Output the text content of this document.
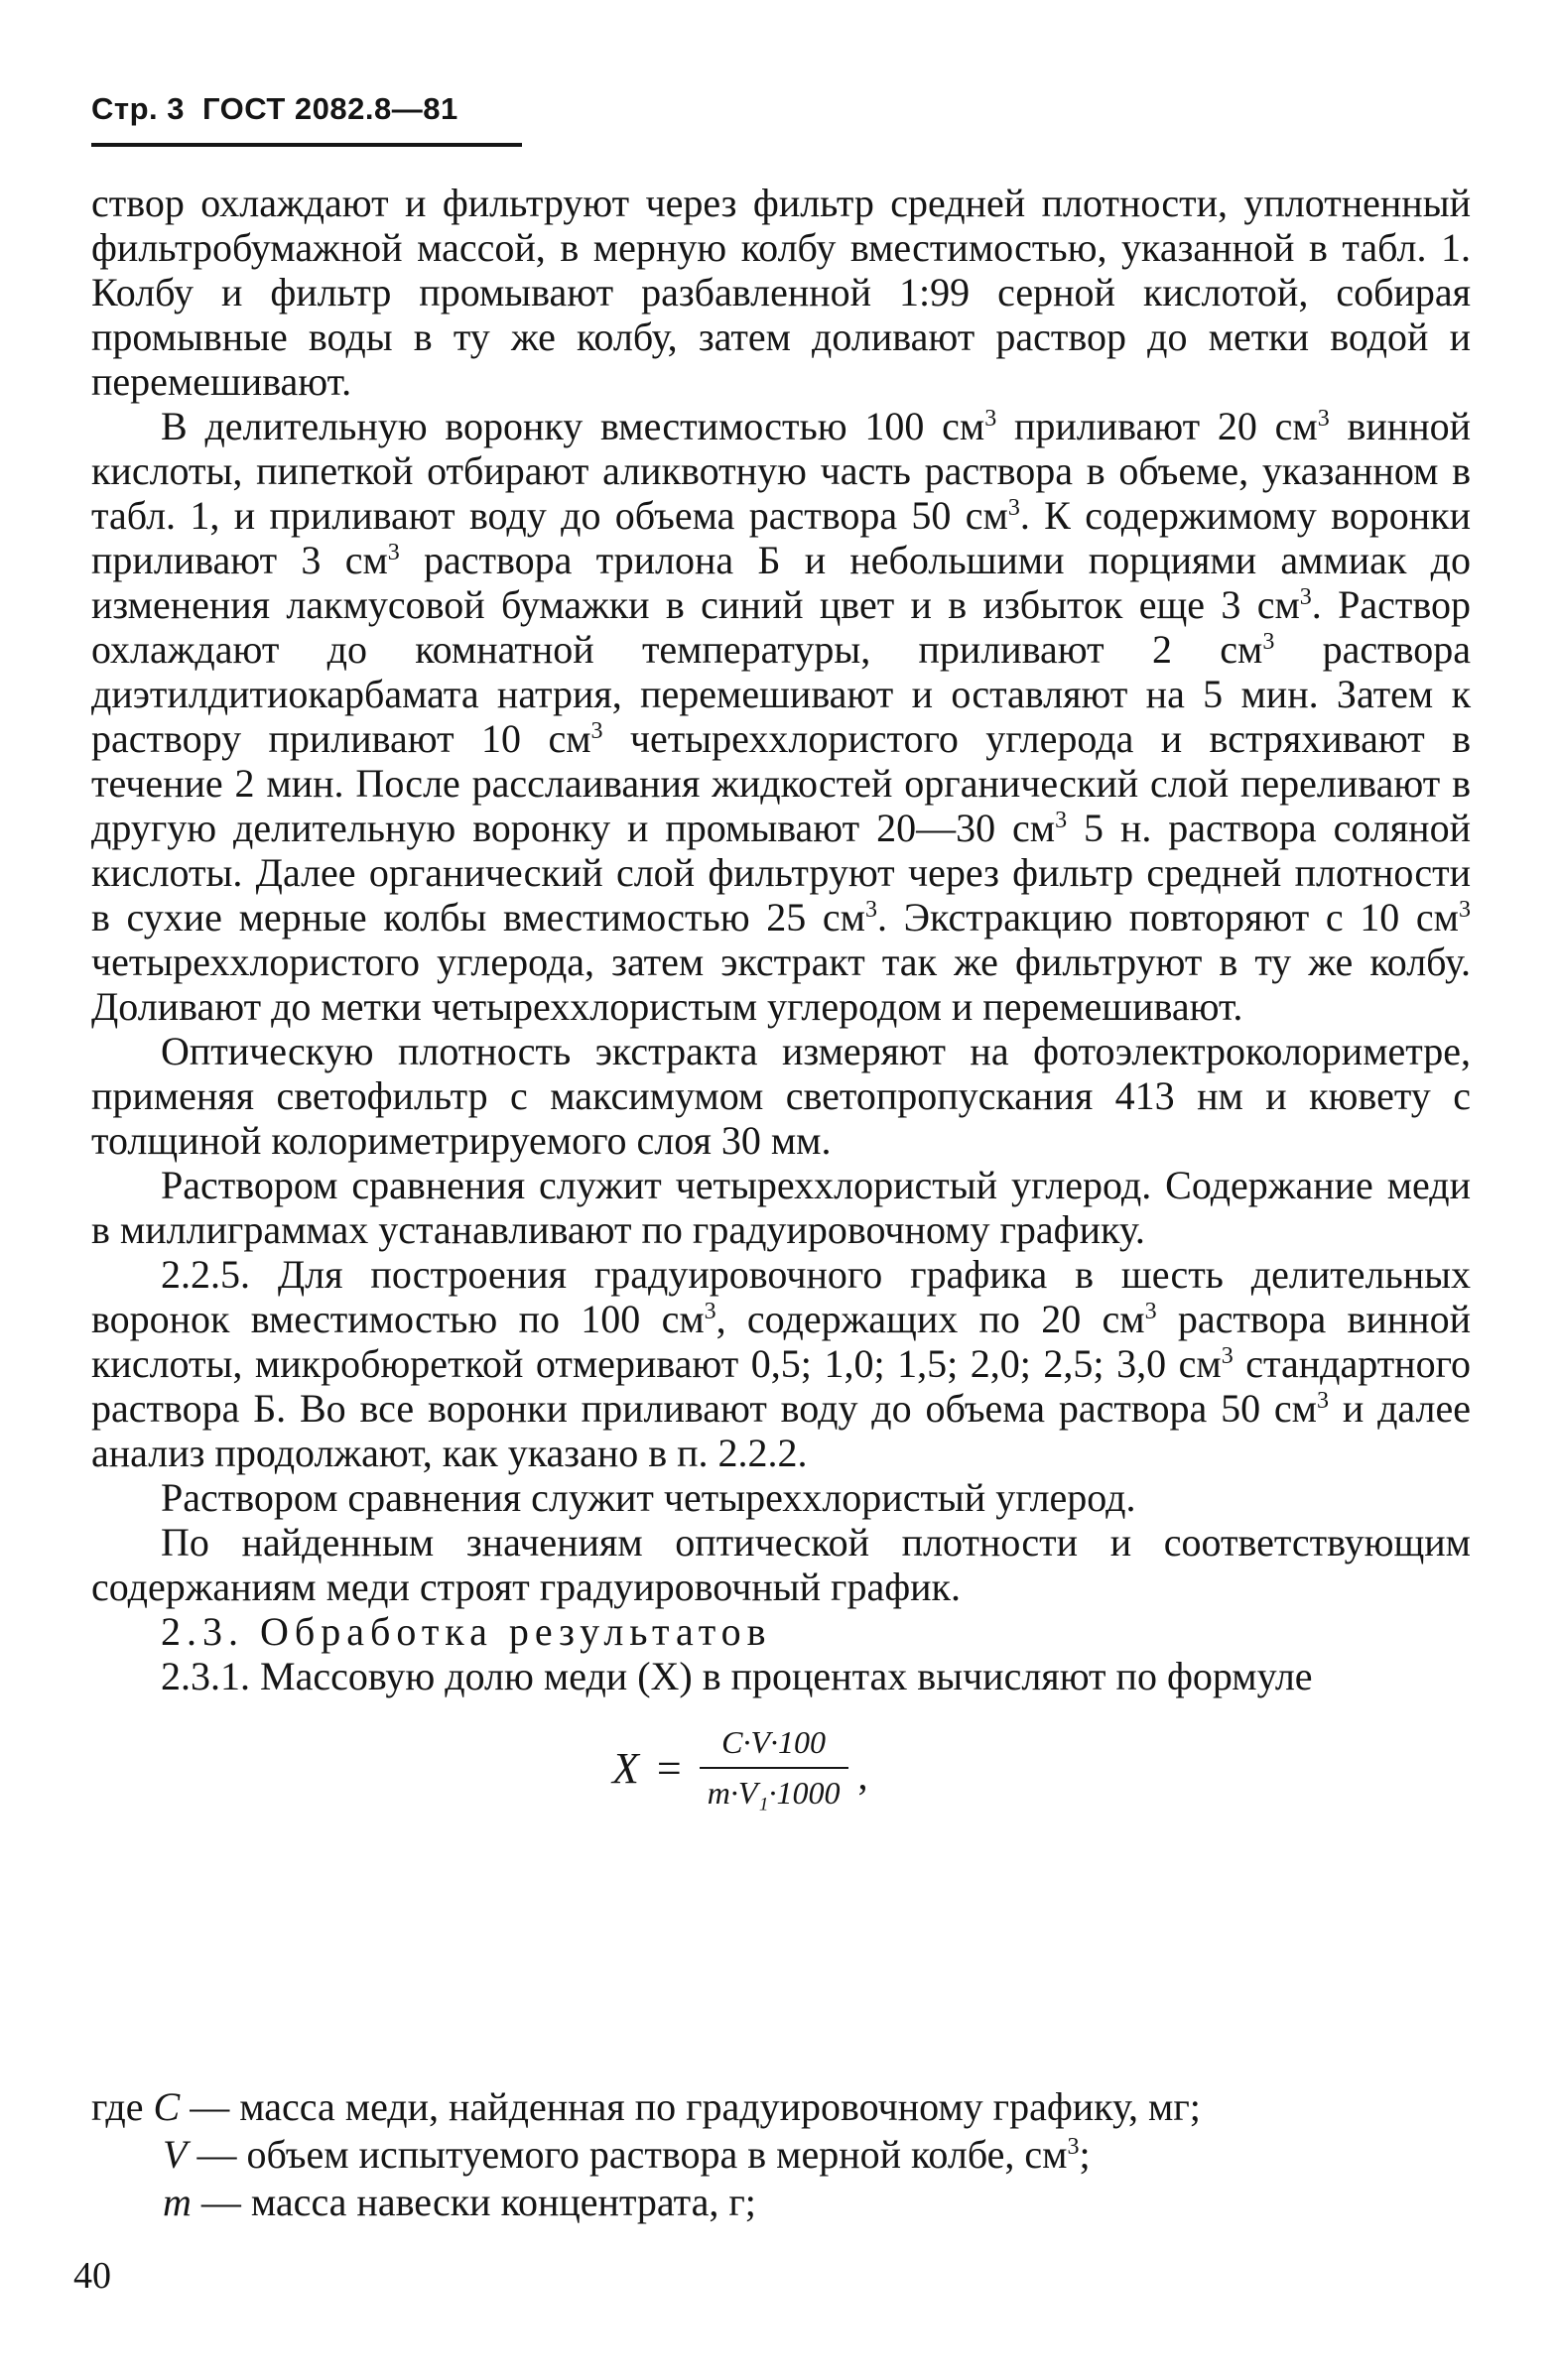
Стр. 3 ГОСТ 2082.8—81

створ охлаждают и фильтруют через фильтр средней плотности, уплотненный фильтробумажной массой, в мерную колбу вместимостью, указанной в табл. 1. Колбу и фильтр промывают разбавленной 1:99 серной кислотой, собирая промывные воды в ту же колбу, затем доливают раствор до метки водой и перемешивают.

В делительную воронку вместимостью 100 $см^3$ приливают 20 $см^3$ винной кислоты, пипеткой отбирают аликвотную часть раствора в объеме, указанном в табл. 1, и приливают воду до объема раствора 50 $см^3$. К содержимому воронки приливают 3 $см^3$ раствора трилона Б и небольшими порциями аммиак до изменения лакмусовой бумажки в синий цвет и в избыток еще 3 $см^3$. Раствор охлаждают до комнатной температуры, приливают 2 $см^3$ раствора диэтилдитиокарбамата натрия, перемешивают и оставляют на 5 мин. Затем к раствору приливают 10 $см^3$ четыреххлористого углерода и встряхивают в течение 2 мин. После расслаивания жидкостей органический слой переливают в другую делительную воронку и промывают 20—30 $см^3$ 5 н. раствора соляной кислоты. Далее органический слой фильтруют через фильтр средней плотности в сухие мерные колбы вместимостью 25 $см^3$. Экстракцию повторяют с 10 $см^3$ четыреххлористого углерода, затем экстракт так же фильтруют в ту же колбу. Доливают до метки четыреххлористым углеродом и перемешивают.

Оптическую плотность экстракта измеряют на фотоэлектроколориметре, применяя светофильтр с максимумом светопропускания 413 нм и кювету с толщиной колориметрируемого слоя 30 мм.

Раствором сравнения служит четыреххлористый углерод. Содержание меди в миллиграммах устанавливают по градуировочному графику.

2.2.5. Для построения градуировочного графика в шесть делительных воронок вместимостью по 100 $см^3$, содержащих по 20 $см^3$ раствора винной кислоты, микробюреткой отмеривают 0,5; 1,0; 1,5; 2,0; 2,5; 3,0 $см^3$ стандартного раствора Б. Во все воронки приливают воду до объема раствора 50 $см^3$ и далее анализ продолжают, как указано в п. 2.2.2.

Раствором сравнения служит четыреххлористый углерод.

По найденным значениям оптической плотности и соответствующим содержаниям меди строят градуировочный график.

2.3. Обработка результатов

2.3.1. Массовую долю меди (X) в процентах вычисляют по формуле

$X = \frac{C\cdot V\cdot 100}{\text{m·V₁·1000}}$ ,
где C — масса меди, найденная по градуировочному графику, мг;
V — объем испытуемого раствора в мерной колбе, $см^3$;
m — масса навески концентрата, г;
40
